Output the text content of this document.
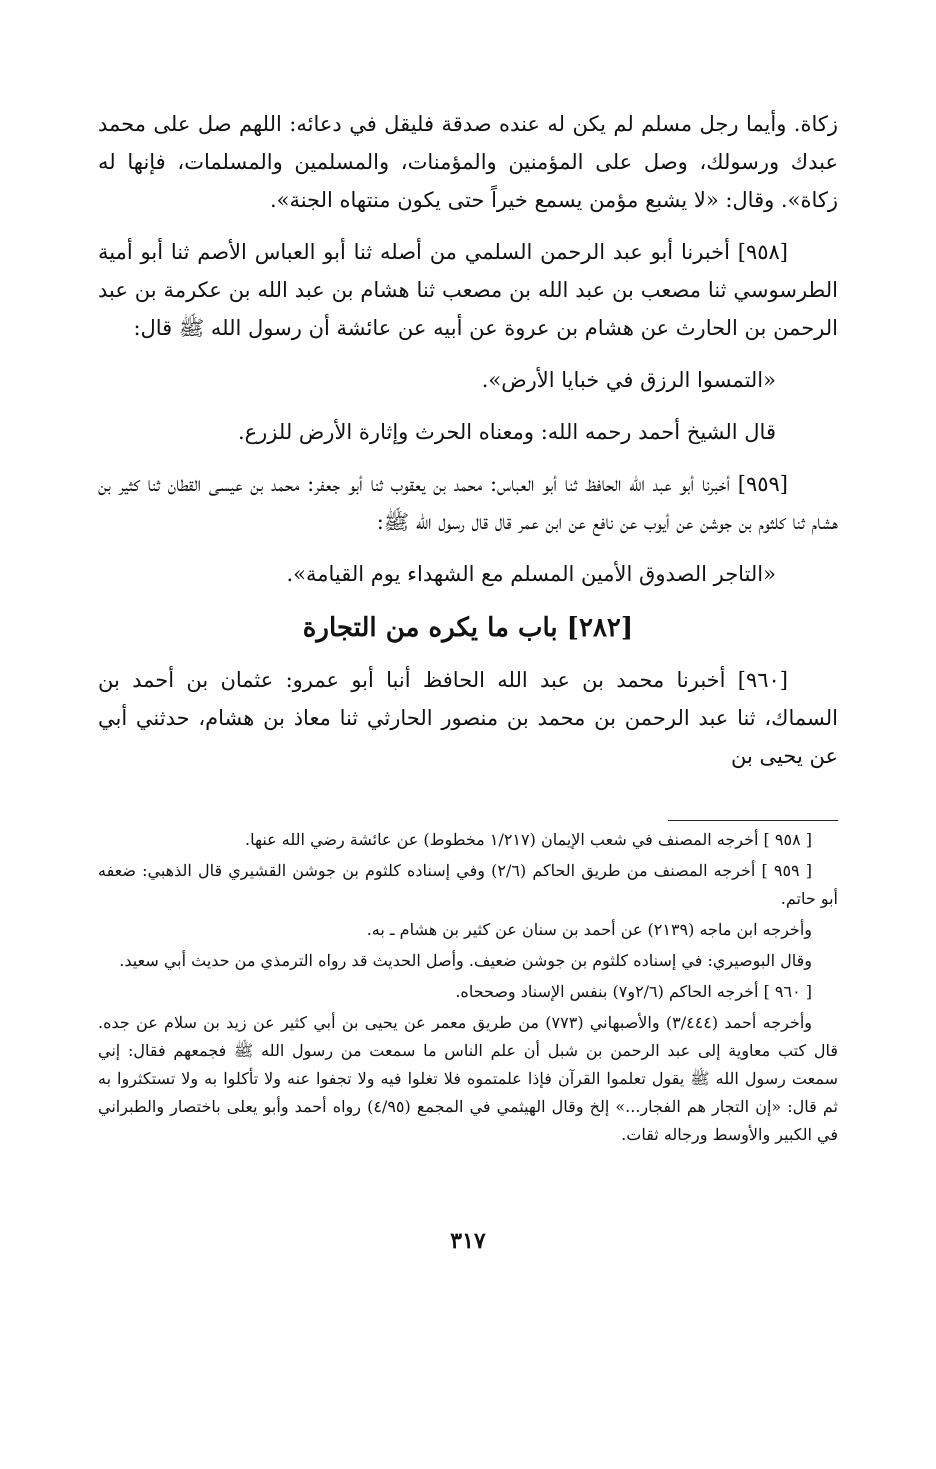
زكاة. وأيما رجل مسلم لم يكن له عنده صدقة فليقل في دعائه: اللهم صل على محمد عبدك ورسولك، وصل على المؤمنين والمؤمنات، والمسلمين والمسلمات، فإنها له زكاة». وقال: «لا يشبع مؤمن يسمع خيراً حتى يكون منتهاه الجنة».

[٩٥٨] أخبرنا أبو عبد الرحمن السلمي من أصله ثنا أبو العباس الأصم ثنا أبو أمية الطرسوسي ثنا مصعب بن عبد الله بن مصعب ثنا هشام بن عبد الله بن عكرمة بن عبد الرحمن بن الحارث عن هشام بن عروة عن أبيه عن عائشة أن رسول الله ﷺ قال:

«التمسوا الرزق في خبايا الأرض».

قال الشيخ أحمد رحمه الله: ومعناه الحرث وإثارة الأرض للزرع.

[٩٥٩] أخبرنا أبو عبد الله الحافظ ثنا أبو العباس: محمد بن يعقوب ثنا أبو جعفر: محمد بن عيسى القطان ثنا كثير بن هشام ثنا كلثوم بن جوشن عن أيوب عن نافع عن ابن عمر قال قال رسول الله ﷺ:

«التاجر الصدوق الأمين المسلم مع الشهداء يوم القيامة».

[٢٨٢] باب ما يكره من التجارة

[٩٦٠] أخبرنا محمد بن عبد الله الحافظ أنبا أبو عمرو: عثمان بن أحمد بن السماك، ثنا عبد الرحمن بن محمد بن منصور الحارثي ثنا معاذ بن هشام، حدثني أبي عن يحيى بن

[ ٩٥٨ ] أخرجه المصنف في شعب الإيمان (١/٢١٧ مخطوط) عن عائشة رضي الله عنها.

[ ٩٥٩ ] أخرجه المصنف من طريق الحاكم (٢/٦) وفي إسناده كلثوم بن جوشن القشيري قال الذهبي: ضعفه أبو حاتم.

وأخرجه ابن ماجه (٢١٣٩) عن أحمد بن سنان عن كثير بن هشام ـ به.

وقال البوصيري: في إسناده كلثوم بن جوشن ضعيف. وأصل الحديث قد رواه الترمذي من حديث أبي سعيد.

[ ٩٦٠ ] أخرجه الحاكم (٢/٦و٧) بنفس الإسناد وصححاه.

وأخرجه أحمد (٣/٤٤٤) والأصبهاني (٧٧٣) من طريق معمر عن يحيى بن أبي كثير عن زيد بن سلام عن جده. قال كتب معاوية إلى عبد الرحمن بن شبل أن علم الناس ما سمعت من رسول الله ﷺ فجمعهم فقال: إني سمعت رسول الله ﷺ يقول تعلموا القرآن فإذا علمتموه فلا تغلوا فيه ولا تجفوا عنه ولا تأكلوا به ولا تستكثروا به ثم قال: «إن التجار هم الفجار...» إلخ وقال الهيثمي في المجمع (٤/٩٥) رواه أحمد وأبو يعلى باختصار والطبراني في الكبير والأوسط ورجاله ثقات.

٣١٧
